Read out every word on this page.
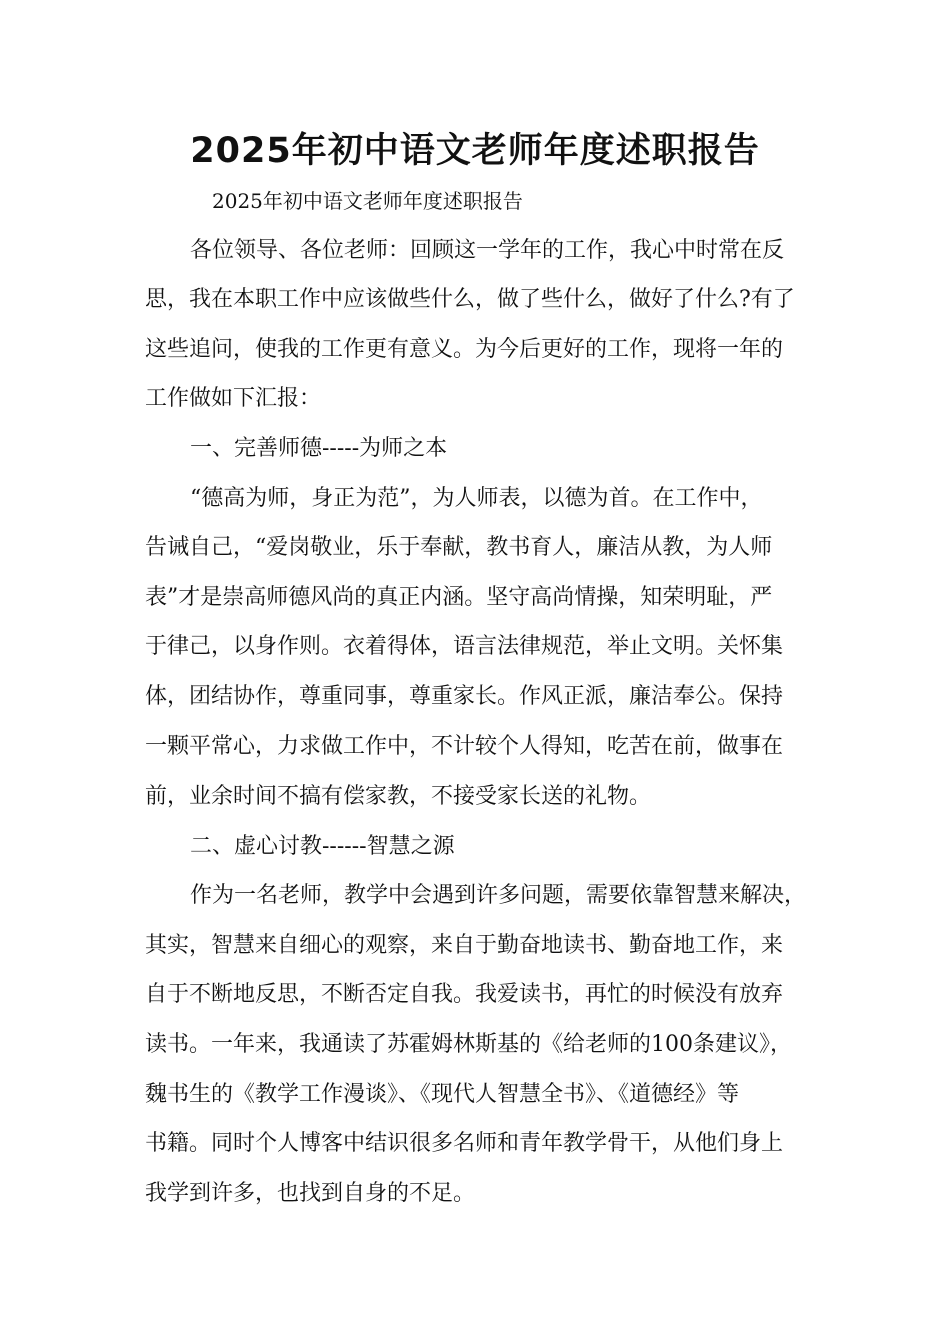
2025年初中语文老师年度述职报告
2025年初中语文老师年度述职报告
各位领导、各位老师：回顾这一学年的工作，我心中时常在反
思，我在本职工作中应该做些什么，做了些什么，做好了什么?有了
这些追问，使我的工作更有意义。为今后更好的工作，现将一年的
工作做如下汇报：
一、完善师德-----为师之本
“德高为师，身正为范”，为人师表，以德为首。在工作中，
告诫自己，“爱岗敬业，乐于奉献，教书育人，廉洁从教，为人师
表”才是崇高师德风尚的真正内涵。坚守高尚情操，知荣明耻，严
于律己，以身作则。衣着得体，语言法律规范，举止文明。关怀集
体，团结协作，尊重同事，尊重家长。作风正派，廉洁奉公。保持
一颗平常心，力求做工作中，不计较个人得知，吃苦在前，做事在
前，业余时间不搞有偿家教，不接受家长送的礼物。
二、虚心讨教------智慧之源
作为一名老师，教学中会遇到许多问题，需要依靠智慧来解决，
其实，智慧来自细心的观察，来自于勤奋地读书、勤奋地工作，来
自于不断地反思，不断否定自我。我爱读书，再忙的时候没有放弃
读书。一年来，我通读了苏霍姆林斯基的《给老师的100条建议》，
魏书生的《教学工作漫谈》、《现代人智慧全书》、《道德经》等
书籍。同时个人博客中结识很多名师和青年教学骨干，从他们身上
我学到许多，也找到自身的不足。
